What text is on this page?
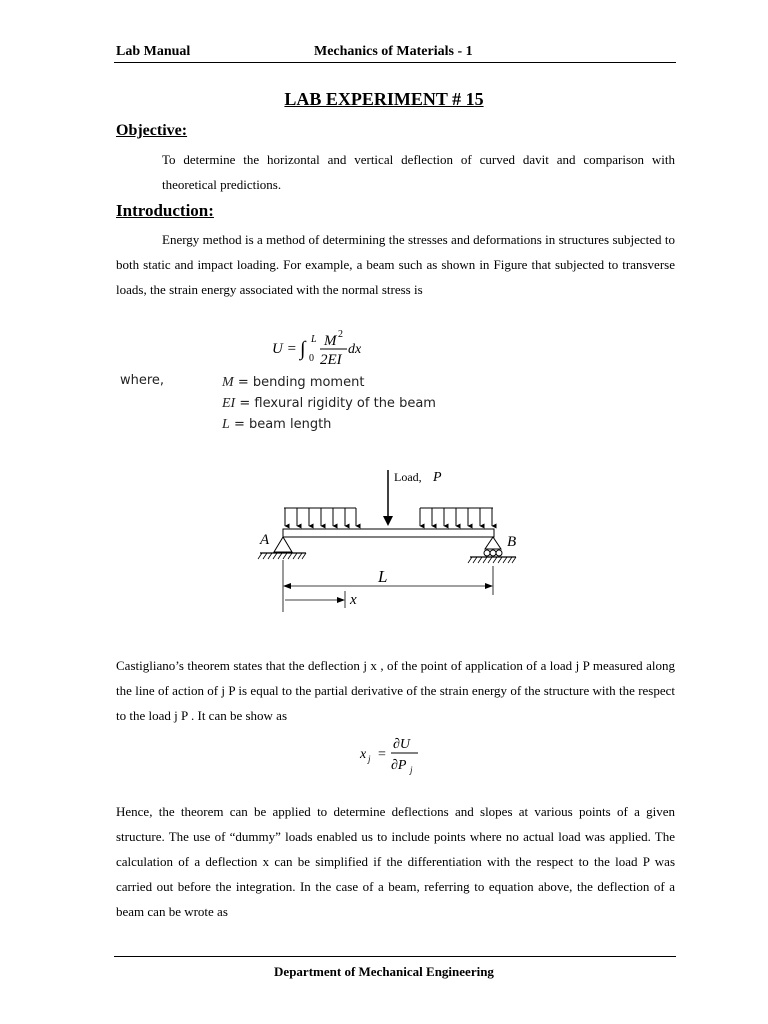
Lab Manual	Mechanics of Materials - 1
LAB EXPERIMENT # 15
Objective:
To determine the horizontal and vertical deflection of curved davit and comparison with theoretical predictions.
Introduction:
Energy method is a method of determining the stresses and deformations in structures subjected to both static and impact loading. For example, a beam such as shown in Figure that subjected to transverse loads, the strain energy associated with the normal stress is
U = ∫ L
0
M 2
2EI
dx
where,	M = bending moment
EI = flexural rigidity of the beam
L = beam length
Load, P
A	B
L
x
Castigliano’s theorem states that the deflection j x , of the point of application of a load j P measured along the line of action of j P is equal to the partial derivative of the strain energy of the structure with the respect to the load j P . It can be show as
x j =
∂U
∂P j
Hence, the theorem can be applied to determine deflections and slopes at various points of a given structure. The use of “dummy” loads enabled us to include points where no actual load was applied. The calculation of a deflection x can be simplified if the differentiation with the respect to the load P was carried out before the integration. In the case of a beam, referring to equation above, the deflection of a beam can be wrote as
Department of Mechanical Engineering
